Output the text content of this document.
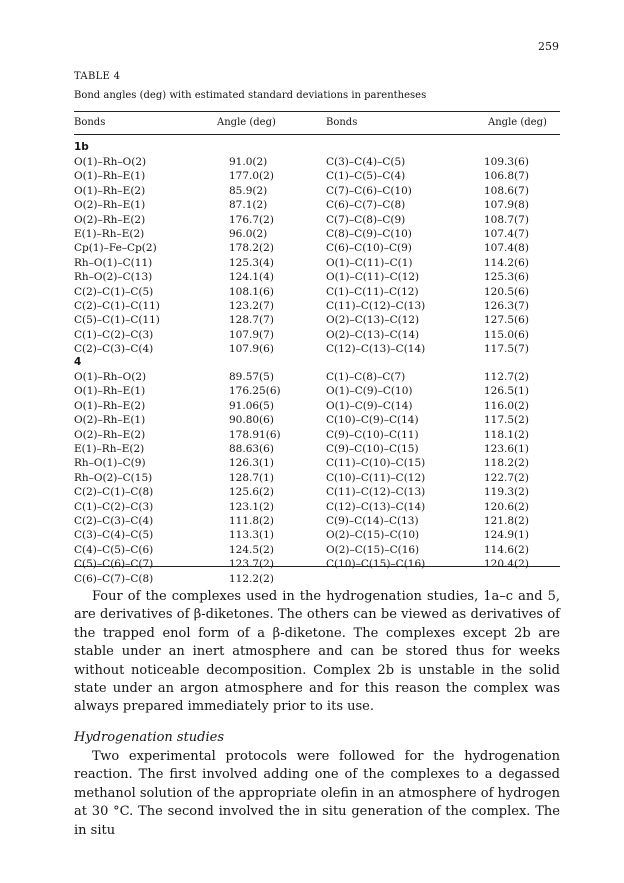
259
TABLE 4
Bond angles (deg) with estimated standard deviations in parentheses
Bonds	Angle (deg)	Bonds	Angle (deg)
1b
O(1)–Rh–O(2)	91.0(2)	C(3)–C(4)–C(5)	109.3(6)
O(1)–Rh–E(1)	177.0(2)	C(1)–C(5)–C(4)	106.8(7)
O(1)–Rh–E(2)	85.9(2)	C(7)–C(6)–C(10)	108.6(7)
O(2)–Rh–E(1)	87.1(2)	C(6)–C(7)–C(8)	107.9(8)
O(2)–Rh–E(2)	176.7(2)	C(7)–C(8)–C(9)	108.7(7)
E(1)–Rh–E(2)	96.0(2)	C(8)–C(9)–C(10)	107.4(7)
Cp(1)–Fe–Cp(2)	178.2(2)	C(6)–C(10)–C(9)	107.4(8)
Rh–O(1)–C(11)	125.3(4)	O(1)–C(11)–C(1)	114.2(6)
Rh–O(2)–C(13)	124.1(4)	O(1)–C(11)–C(12)	125.3(6)
C(2)–C(1)–C(5)	108.1(6)	C(1)–C(11)–C(12)	120.5(6)
C(2)–C(1)–C(11)	123.2(7)	C(11)–C(12)–C(13)	126.3(7)
C(5)–C(1)–C(11)	128.7(7)	O(2)–C(13)–C(12)	127.5(6)
C(1)–C(2)–C(3)	107.9(7)	O(2)–C(13)–C(14)	115.0(6)
C(2)–C(3)–C(4)	107.9(6)	C(12)–C(13)–C(14)	117.5(7)
4
O(1)–Rh–O(2)	89.57(5)	C(1)–C(8)–C(7)	112.7(2)
O(1)–Rh–E(1)	176.25(6)	O(1)–C(9)–C(10)	126.5(1)
O(1)–Rh–E(2)	91.06(5)	O(1)–C(9)–C(14)	116.0(2)
O(2)–Rh–E(1)	90.80(6)	C(10)–C(9)–C(14)	117.5(2)
O(2)–Rh–E(2)	178.91(6)	C(9)–C(10)–C(11)	118.1(2)
E(1)–Rh–E(2)	88.63(6)	C(9)–C(10)–C(15)	123.6(1)
Rh–O(1)–C(9)	126.3(1)	C(11)–C(10)–C(15)	118.2(2)
Rh–O(2)–C(15)	128.7(1)	C(10)–C(11)–C(12)	122.7(2)
C(2)–C(1)–C(8)	125.6(2)	C(11)–C(12)–C(13)	119.3(2)
C(1)–C(2)–C(3)	123.1(2)	C(12)–C(13)–C(14)	120.6(2)
C(2)–C(3)–C(4)	111.8(2)	C(9)–C(14)–C(13)	121.8(2)
C(3)–C(4)–C(5)	113.3(1)	O(2)–C(15)–C(10)	124.9(1)
C(4)–C(5)–C(6)	124.5(2)	O(2)–C(15)–C(16)	114.6(2)
C(5)–C(6)–C(7)	123.7(2)	C(10)–C(15)–C(16)	120.4(2)
C(6)–C(7)–C(8)	112.2(2)

Four of the complexes used in the hydrogenation studies, 1a–c and 5, are derivatives of β-diketones. The others can be viewed as derivatives of the trapped enol form of a β-diketone. The complexes except 2b are stable under an inert atmosphere and can be stored thus for weeks without noticeable decomposition. Complex 2b is unstable in the solid state under an argon atmosphere and for this reason the complex was always prepared immediately prior to its use.

Hydrogenation studies

Two experimental protocols were followed for the hydrogenation reaction. The first involved adding one of the complexes to a degassed methanol solution of the appropriate olefin in an atmosphere of hydrogen at 30 °C. The second involved the in situ generation of the complex. The in situ
